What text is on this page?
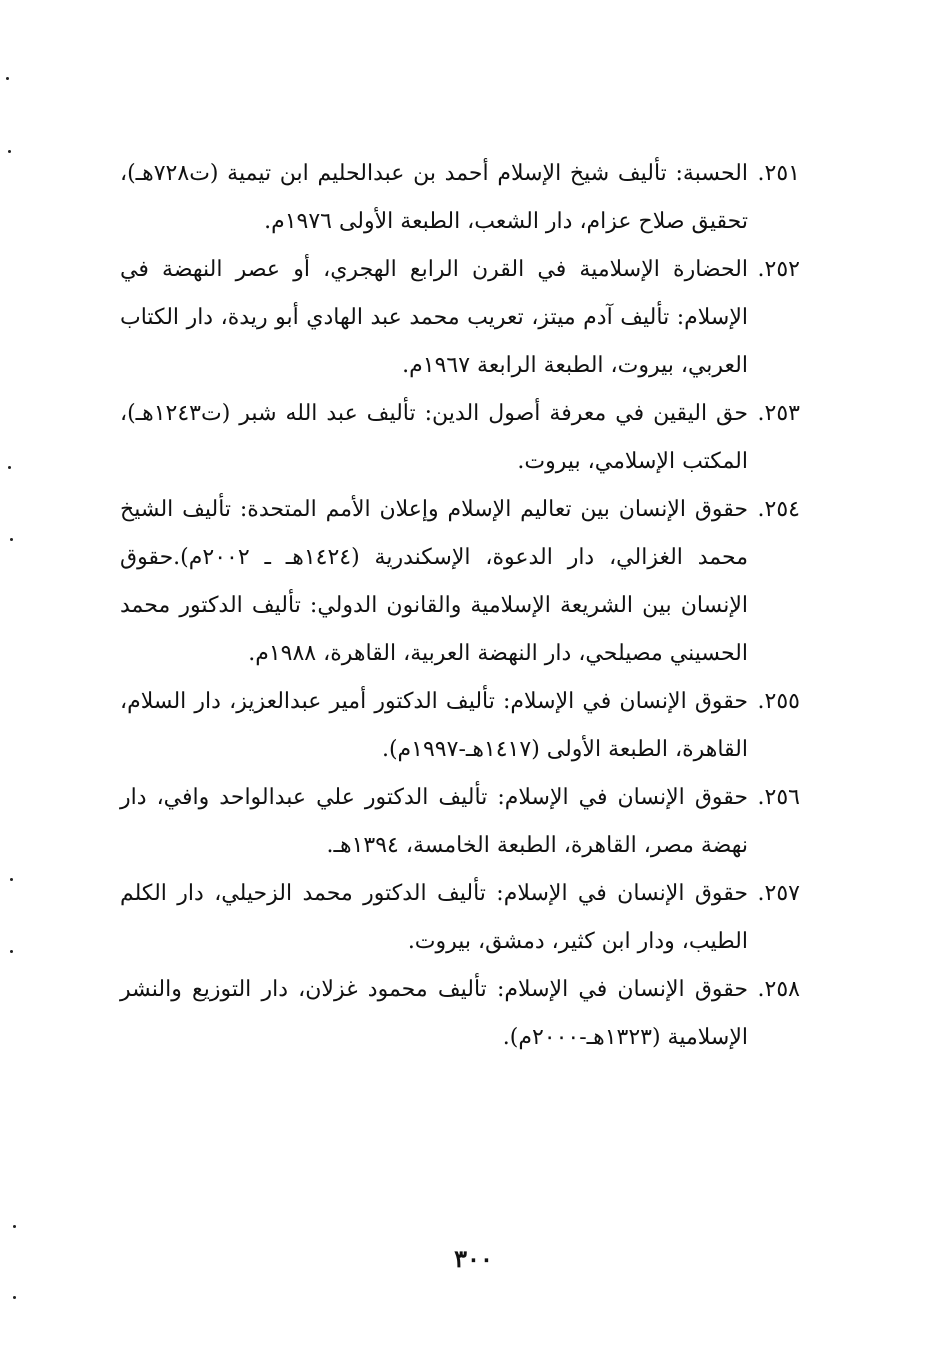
٢٥١.
الحسبة: تأليف شيخ الإسلام أحمد بن عبدالحليم ابن تيمية (ت٧٢٨هـ)، تحقيق صلاح عزام، دار الشعب، الطبعة الأولى ١٩٧٦م.
٢٥٢.
الحضارة الإسلامية في القرن الرابع الهجري، أو عصر النهضة في الإسلام: تأليف آدم ميتز، تعريب محمد عبد الهادي أبو ريدة، دار الكتاب العربي، بيروت، الطبعة الرابعة ١٩٦٧م.
٢٥٣.
حق اليقين في معرفة أصول الدين: تأليف عبد الله شبر (ت١٢٤٣هـ)، المكتب الإسلامي، بيروت.
٢٥٤.
حقوق الإنسان بين تعاليم الإسلام وإعلان الأمم المتحدة: تأليف الشيخ محمد الغزالي، دار الدعوة، الإسكندرية (١٤٢٤هـ ـ ٢٠٠٢م).حقوق الإنسان بين الشريعة الإسلامية والقانون الدولي: تأليف الدكتور محمد الحسيني مصيلحي، دار النهضة العربية، القاهرة، ١٩٨٨م.
٢٥٥.
حقوق الإنسان في الإسلام: تأليف الدكتور أمير عبدالعزيز، دار السلام، القاهرة، الطبعة الأولى (١٤١٧هـ-١٩٩٧م).
٢٥٦.
حقوق الإنسان في الإسلام: تأليف الدكتور علي عبدالواحد وافي، دار نهضة مصر، القاهرة، الطبعة الخامسة، ١٣٩٤هـ.
٢٥٧.
حقوق الإنسان في الإسلام: تأليف الدكتور محمد الزحيلي، دار الكلم الطيب، ودار ابن كثير، دمشق، بيروت.
٢٥٨.
حقوق الإنسان في الإسلام: تأليف محمود غزلان، دار التوزيع والنشر الإسلامية (١٣٢٣هـ-٢٠٠٠م).
٣٠٠
